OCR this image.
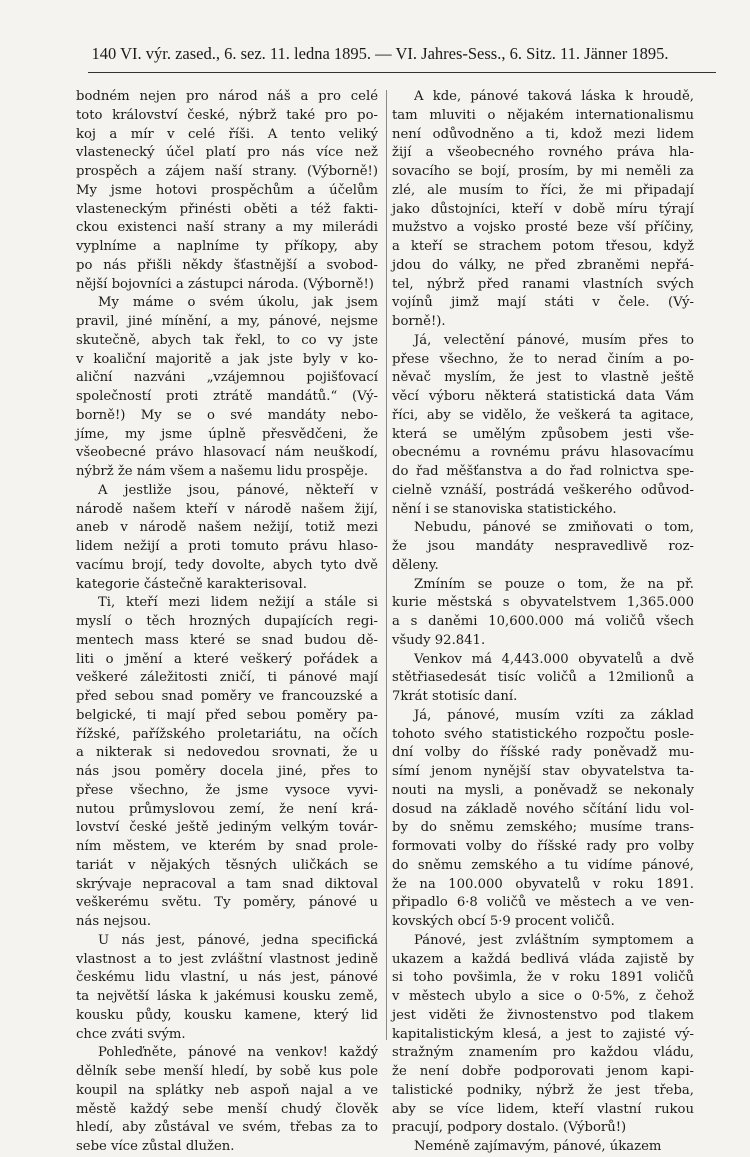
140 VI. výr. zased., 6. sez. 11. ledna 1895. — VI. Jahres-Sess., 6. Sitz. 11. Jänner 1895.
bodném nejen pro národ náš a pro celé
toto království české, nýbrž také pro po-
koj a mír v celé říši. A tento veliký
vlastenecký účel platí pro nás více než
prospěch a zájem naší strany. (Výborně!)
My jsme hotovi prospěchům a účelům
vlasteneckým přinésti oběti a též fakti-
ckou existenci naší strany a my milerádi
vyplníme a naplníme ty příkopy, aby
po nás přišli někdy šťastnější a svobod-
nější bojovníci a zástupci národa. (Výborně!)
My máme o svém úkolu, jak jsem
pravil, jiné mínění, a my, pánové, nejsme
skutečně, abych tak řekl, to co vy jste
v koaliční majoritě a jak jste byly v ko-
aliční nazváni „vzájemnou pojišťovací
společností proti ztrátě mandátů.“ (Vý-
borně!) My se o své mandáty nebo-
jíme, my jsme úplně přesvědčeni, že
všeobecné právo hlasovací nám neuškodí,
nýbrž že nám všem a našemu lidu prospěje.
A jestliže jsou, pánové, někteří v
národě našem kteří v národě našem žijí,
aneb v národě našem nežijí, totiž mezi
lidem nežijí a proti tomuto právu hlaso-
vacímu brojí, tedy dovolte, abych tyto dvě
kategorie částečně karakterisoval.
Ti, kteří mezi lidem nežijí a stále si
myslí o těch hrozných dupajících regi-
mentech mass které se snad budou dě-
liti o jmění a které veškerý pořádek a
veškeré záležitosti zničí, ti pánové mají
před sebou snad poměry ve francouzské a
belgické, ti mají před sebou poměry pa-
řížské, pařížského proletariátu, na očích
a nikterak si nedovedou srovnati, že u
nás jsou poměry docela jiné, přes to
přese všechno, že jsme vysoce vyvi-
nutou průmyslovou zemí, že není krá-
lovství české ještě jediným velkým továr-
ním městem, ve kterém by snad prole-
tariát v nějakých těsných uličkách se
skrývaje nepracoval a tam snad diktoval
veškerému světu. Ty poměry, pánové u
nás nejsou.
U nás jest, pánové, jedna specifická
vlastnost a to jest zvláštní vlastnost jedině
českému lidu vlastní, u nás jest, pánové
ta největší láska k jakémusi kousku země,
kousku půdy, kousku kamene, který lid
chce zváti svým.
Pohleďněte, pánové na venkov! každý
dělník sebe menší hledí, by sobě kus pole
koupil na splátky neb aspoň najal a ve
městě každý sebe menší chudý člověk
hledí, aby zůstával ve svém, třebas za to
sebe více zůstal dlužen.
A kde, pánové taková láska k hroudě,
tam mluviti o nějakém internationalismu
není odůvodněno a ti, kdož mezi lidem
žijí a všeobecného rovného práva hla-
sovacího se bojí, prosím, by mi neměli za
zlé, ale musím to říci, že mi připadají
jako důstojníci, kteří v době míru týrají
mužstvo a vojsko prosté beze vší příčiny,
a kteří se strachem potom třesou, když
jdou do války, ne před zbraněmi nepřá-
tel, nýbrž před ranami vlastních svých
vojínů jimž mají státi v čele. (Vý-
borně!).
Já, velectění pánové, musím přes to
přese všechno, že to nerad činím a po-
něvač myslím, že jest to vlastně ještě
věcí výboru některá statistická data Vám
říci, aby se vidělo, že veškerá ta agitace,
která se umělým způsobem jesti vše-
obecnému a rovnému právu hlasovacímu
do řad měšťanstva a do řad rolnictva spe-
cielně vznáší, postrádá veškerého odůvod-
nění i se stanoviska statistického.
Nebudu, pánové se zmiňovati o tom,
že jsou mandáty nespravedlivě roz-
děleny.
Zmíním se pouze o tom, že na př.
kurie městská s obyvatelstvem 1,365.000
a s daněmi 10,600.000 má voličů všech
všudy 92.841.
Venkov má 4,443.000 obyvatelů a dvě
stětřiasedesát tisíc voličů a 12milionů a
7krát stotisíc daní.
Já, pánové, musím vzíti za základ
tohoto svého statistického rozpočtu posle-
dní volby do říšské rady poněvadž mu-
símí jenom nynější stav obyvatelstva ta-
nouti na mysli, a poněvadž se nekonaly
dosud na základě nového sčítání lidu vol-
by do sněmu zemského; musíme trans-
formovati volby do říšské rady pro volby
do sněmu zemského a tu vidíme pánové,
že na 100.000 obyvatelů v roku 1891.
připadlo 6·8 voličů ve městech a ve ven-
kovských obcí 5·9 procent voličů.
Pánové, jest zvláštním symptomem a
ukazem a každá bedlivá vláda zajistě by
si toho povšimla, že v roku 1891 voličů
v městech ubylo a sice o 0·5%, z čehož
jest viděti že živnostenstvo pod tlakem
kapitalistickým klesá, a jest to zajisté vý-
stražným znamením pro každou vládu,
že není dobře podporovati jenom kapi-
talistické podniky, nýbrž že jest třeba,
aby se více lidem, kteří vlastní rukou
pracují, podpory dostalo. (Výborů!)
Neméně zajímavým, pánové, úkazem
